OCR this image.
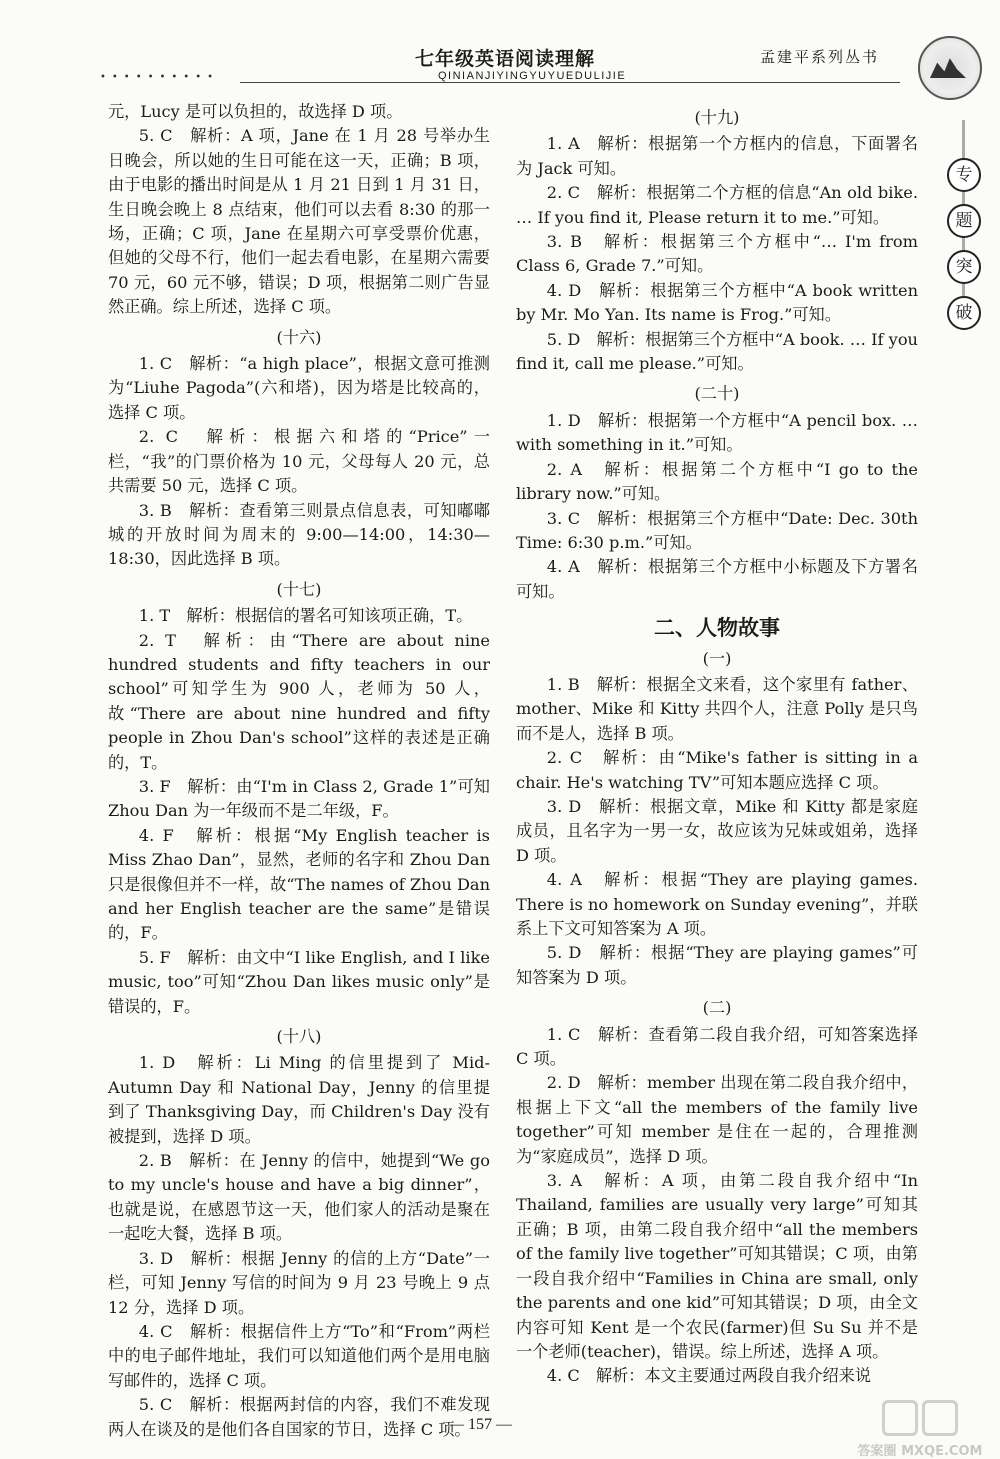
••••••••••
七年级英语阅读理解
QINIANJIYINGYUYUEDULIJIE
孟建平系列丛书
专
题
突
破

元，Lucy 是可以负担的，故选择 D 项。

5. C　解析：A 项，Jane 在 1 月 28 号举办生日晚会，所以她的生日可能在这一天，正确；B 项，由于电影的播出时间是从 1 月 21 日到 1 月 31 日，生日晚会晚上 8 点结束，他们可以去看 8:30 的那一场，正确；C 项，Jane 在星期六可享受票价优惠，但她的父母不行，他们一起去看电影，在星期六需要 70 元，60 元不够，错误；D 项，根据第二则广告显然正确。综上所述，选择 C 项。

(十六)

1. C　解析：“a high place”，根据文意可推测为“Liuhe Pagoda”(六和塔)，因为塔是比较高的，选择 C 项。

2. C　解析：根据六和塔的“Price”一栏，“我”的门票价格为 10 元，父母每人 20 元，总共需要 50 元，选择 C 项。

3. B　解析：查看第三则景点信息表，可知嘟嘟城的开放时间为周末的 9:00—14:00，14:30—18:30，因此选择 B 项。

(十七)

1. T　解析：根据信的署名可知该项正确，T。

2. T　解析：由“There are about nine hundred students and fifty teachers in our school”可知学生为 900 人，老师为 50 人，故“There are about nine hundred and fifty people in Zhou Dan's school”这样的表述是正确的，T。

3. F　解析：由“I'm in Class 2, Grade 1”可知 Zhou Dan 为一年级而不是二年级，F。

4. F　解析：根据“My English teacher is Miss Zhao Dan”，显然，老师的名字和 Zhou Dan 只是很像但并不一样，故“The names of Zhou Dan and her English teacher are the same”是错误的，F。

5. F　解析：由文中“I like English, and I like music, too”可知“Zhou Dan likes music only”是错误的，F。

(十八)

1. D　解析：Li Ming 的信里提到了 Mid-Autumn Day 和 National Day，Jenny 的信里提到了 Thanksgiving Day，而 Children's Day 没有被提到，选择 D 项。

2. B　解析：在 Jenny 的信中，她提到“We go to my uncle's house and have a big dinner”，也就是说，在感恩节这一天，他们家人的活动是聚在一起吃大餐，选择 B 项。

3. D　解析：根据 Jenny 的信的上方“Date”一栏，可知 Jenny 写信的时间为 9 月 23 号晚上 9 点 12 分，选择 D 项。

4. C　解析：根据信件上方“To”和“From”两栏中的电子邮件地址，我们可以知道他们两个是用电脑写邮件的，选择 C 项。

5. C　解析：根据两封信的内容，我们不难发现两人在谈及的是他们各自国家的节日，选择 C 项。

(十九)

1. A　解析：根据第一个方框内的信息，下面署名为 Jack 可知。

2. C　解析：根据第二个方框的信息“An old bike. … If you find it, Please return it to me.”可知。

3. B　解析：根据第三个方框中“… I'm from Class 6, Grade 7.”可知。

4. D　解析：根据第三个方框中“A book written by Mr. Mo Yan. Its name is Frog.”可知。

5. D　解析：根据第三个方框中“A book. … If you find it, call me please.”可知。

(二十)

1. D　解析：根据第一个方框中“A pencil box. … with something in it.”可知。

2. A　解析：根据第二个方框中“I go to the library now.”可知。

3. C　解析：根据第三个方框中“Date: Dec. 30th Time: 6:30 p.m.”可知。

4. A　解析：根据第三个方框中小标题及下方署名可知。

二、人物故事

(一)

1. B　解析：根据全文来看，这个家里有 father、mother、Mike 和 Kitty 共四个人，注意 Polly 是只鸟而不是人，选择 B 项。

2. C　解析：由“Mike's father is sitting in a chair. He's watching TV”可知本题应选择 C 项。

3. D　解析：根据文章，Mike 和 Kitty 都是家庭成员，且名字为一男一女，故应该为兄妹或姐弟，选择 D 项。

4. A　解析：根据“They are playing games. There is no homework on Sunday evening”，并联系上下文可知答案为 A 项。

5. D　解析：根据“They are playing games”可知答案为 D 项。

(二)

1. C　解析：查看第二段自我介绍，可知答案选择 C 项。

2. D　解析：member 出现在第二段自我介绍中，根据上下文“all the members of the family live together”可知 member 是住在一起的，合理推测为“家庭成员”，选择 D 项。

3. A　解析：A 项，由第二段自我介绍中“In Thailand, families are usually very large”可知其正确；B 项，由第二段自我介绍中“all the members of the family live together”可知其错误；C 项，由第一段自我介绍中“Families in China are small, only the parents and one kid”可知其错误；D 项，由全文内容可知 Kent 是一个农民(farmer)但 Su Su 并不是一个老师(teacher)，错误。综上所述，选择 A 项。

4. C　解析：本文主要通过两段自我介绍来说

— 157 —

答案圈 MXQE.COM
